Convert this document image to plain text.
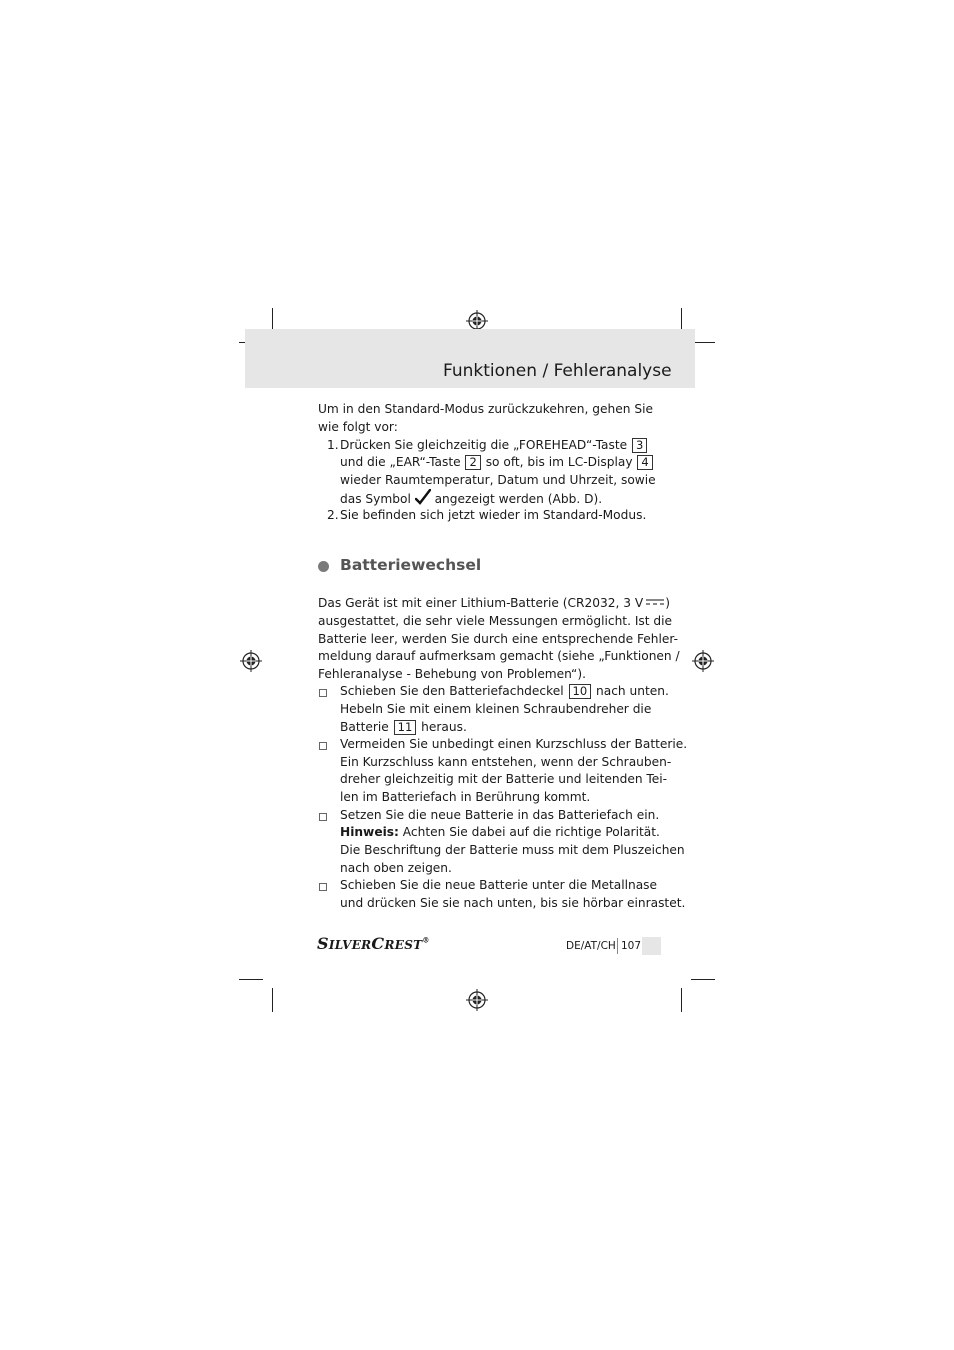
Funktionen / Fehleranalyse
Um in den Standard-Modus zurückzukehren, gehen Sie
wie folgt vor:
1. Drücken Sie gleichzeitig die „FOREHEAD“-Taste 3
und die „EAR“-Taste 2 so oft, bis im LC-Display 4
wieder Raumtemperatur, Datum und Uhrzeit, sowie
das Symbol angezeigt werden (Abb. D).
2. Sie befinden sich jetzt wieder im Standard-Modus.
Batteriewechsel
Das Gerät ist mit einer Lithium-Batterie (CR2032, 3 V )
ausgestattet, die sehr viele Messungen ermöglicht. Ist die
Batterie leer, werden Sie durch eine entsprechende Fehler-
meldung darauf aufmerksam gemacht (siehe „Funktionen /
Fehleranalyse - Behebung von Problemen“).
Schieben Sie den Batteriefachdeckel 10 nach unten.
Hebeln Sie mit einem kleinen Schraubendreher die
Batterie 11 heraus.
Vermeiden Sie unbedingt einen Kurzschluss der Batterie.
Ein Kurzschluss kann entstehen, wenn der Schrauben-
dreher gleichzeitig mit der Batterie und leitenden Tei-
len im Batteriefach in Berührung kommt.
Setzen Sie die neue Batterie in das Batteriefach ein.
Hinweis: Achten Sie dabei auf die richtige Polarität.
Die Beschriftung der Batterie muss mit dem Pluszeichen
nach oben zeigen.
Schieben Sie die neue Batterie unter die Metallnase
und drücken Sie sie nach unten, bis sie hörbar einrastet.
SILVERCREST®	DE/AT/CH 107
